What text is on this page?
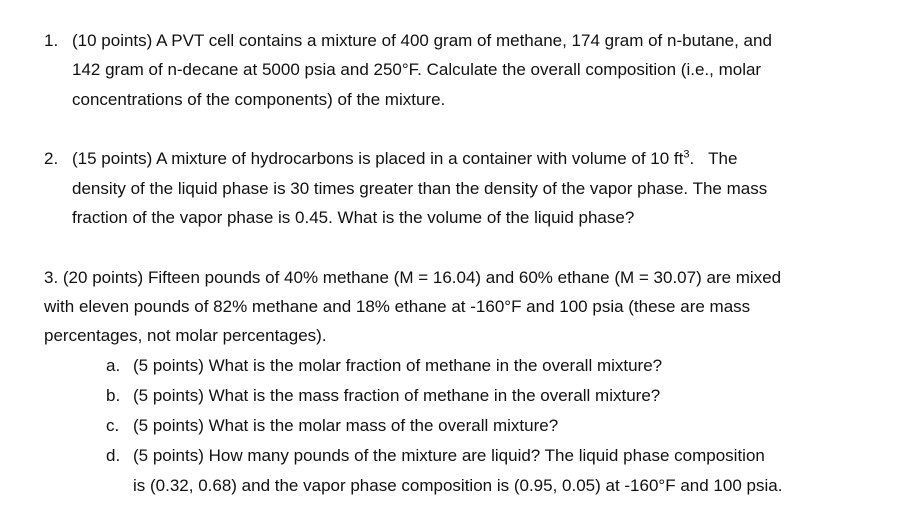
1. (10 points) A PVT cell contains a mixture of 400 gram of methane, 174 gram of n-butane, and
142 gram of n-decane at 5000 psia and 250°F. Calculate the overall composition (i.e., molar
concentrations of the components) of the mixture.
2. (15 points) A mixture of hydrocarbons is placed in a container with volume of 10 $ft^3$.   The
density of the liquid phase is 30 times greater than the density of the vapor phase. The mass
fraction of the vapor phase is 0.45. What is the volume of the liquid phase?
3. (20 points) Fifteen pounds of 40% methane (M = 16.04) and 60% ethane (M = 30.07) are mixed
with eleven pounds of 82% methane and 18% ethane at -160°F and 100 psia (these are mass
percentages, not molar percentages).
a. (5 points) What is the molar fraction of methane in the overall mixture?
b. (5 points) What is the mass fraction of methane in the overall mixture?
c. (5 points) What is the molar mass of the overall mixture?
d. (5 points) How many pounds of the mixture are liquid? The liquid phase composition
is (0.32, 0.68) and the vapor phase composition is (0.95, 0.05) at -160°F and 100 psia.
